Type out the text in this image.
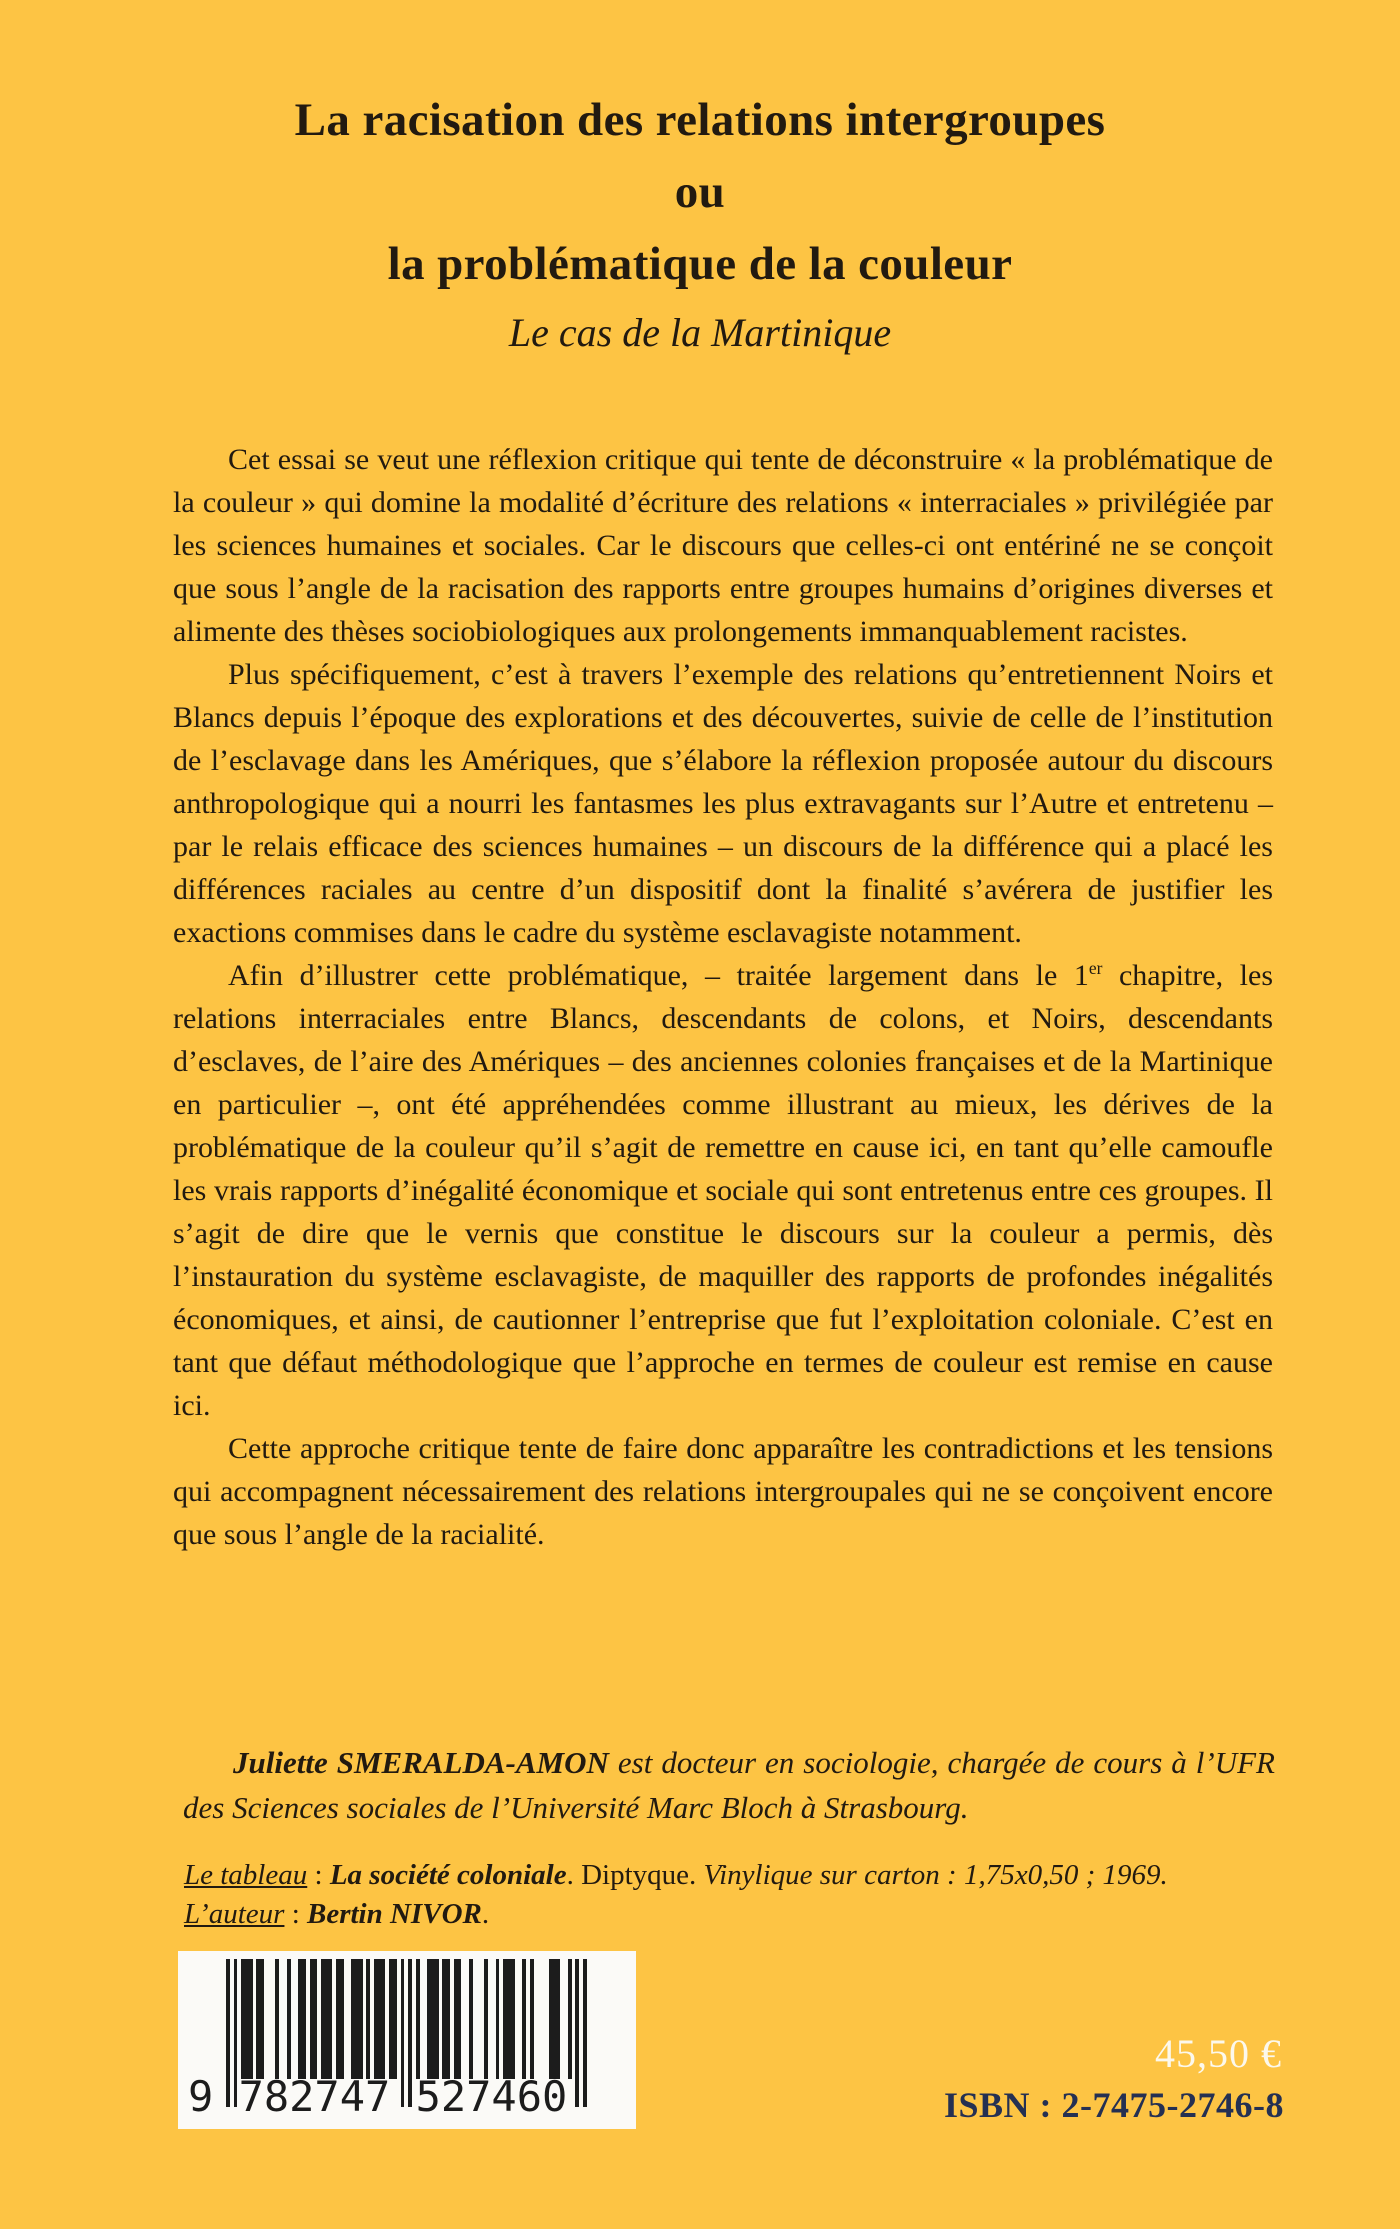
La racisation des relations intergroupes
ou
la problématique de la couleur
Le cas de la Martinique

Cet essai se veut une réflexion critique qui tente de déconstruire « la problématique de la couleur » qui domine la modalité d’écriture des relations « interraciales » privilégiée par les sciences humaines et sociales. Car le discours que celles-ci ont entériné ne se conçoit que sous l’angle de la racisation des rapports entre groupes humains d’origines diverses et alimente des thèses sociobiologiques aux prolongements immanquablement racistes.

Plus spécifiquement, c’est à travers l’exemple des relations qu’entretiennent Noirs et Blancs depuis l’époque des explorations et des découvertes, suivie de celle de l’institution de l’esclavage dans les Amériques, que s’élabore la réflexion proposée autour du discours anthropologique qui a nourri les fantasmes les plus extravagants sur l’Autre et entretenu – par le relais efficace des sciences humaines – un discours de la différence qui a placé les différences raciales au centre d’un dispositif dont la finalité s’avérera de justifier les exactions commises dans le cadre du système esclavagiste notamment.

Afin d’illustrer cette problématique, – traitée largement dans le 1er chapitre, les relations interraciales entre Blancs, descendants de colons, et Noirs, descendants d’esclaves, de l’aire des Amériques – des anciennes colonies françaises et de la Martinique en particulier –, ont été appréhendées comme illustrant au mieux, les dérives de la problématique de la couleur qu’il s’agit de remettre en cause ici, en tant qu’elle camoufle les vrais rapports d’inégalité économique et sociale qui sont entretenus entre ces groupes. Il s’agit de dire que le vernis que constitue le discours sur la couleur a permis, dès l’instauration du système esclavagiste, de maquiller des rapports de profondes inégalités économiques, et ainsi, de cautionner l’entreprise que fut l’exploitation coloniale. C’est en tant que défaut méthodologique que l’approche en termes de couleur est remise en cause ici.

Cette approche critique tente de faire donc apparaître les contradictions et les tensions qui accompagnent nécessairement des relations intergroupales qui ne se conçoivent encore que sous l’angle de la racialité.

Juliette SMERALDA-AMON est docteur en sociologie, chargée de cours à l’UFR des Sciences sociales de l’Université Marc Bloch à Strasbourg.

Le tableau : La société coloniale. Diptyque. Vinylique sur carton : 1,75x0,50 ; 1969.

L’auteur : Bertin NIVOR.

9 782747 527460
45,50 €
ISBN : 2-7475-2746-8
